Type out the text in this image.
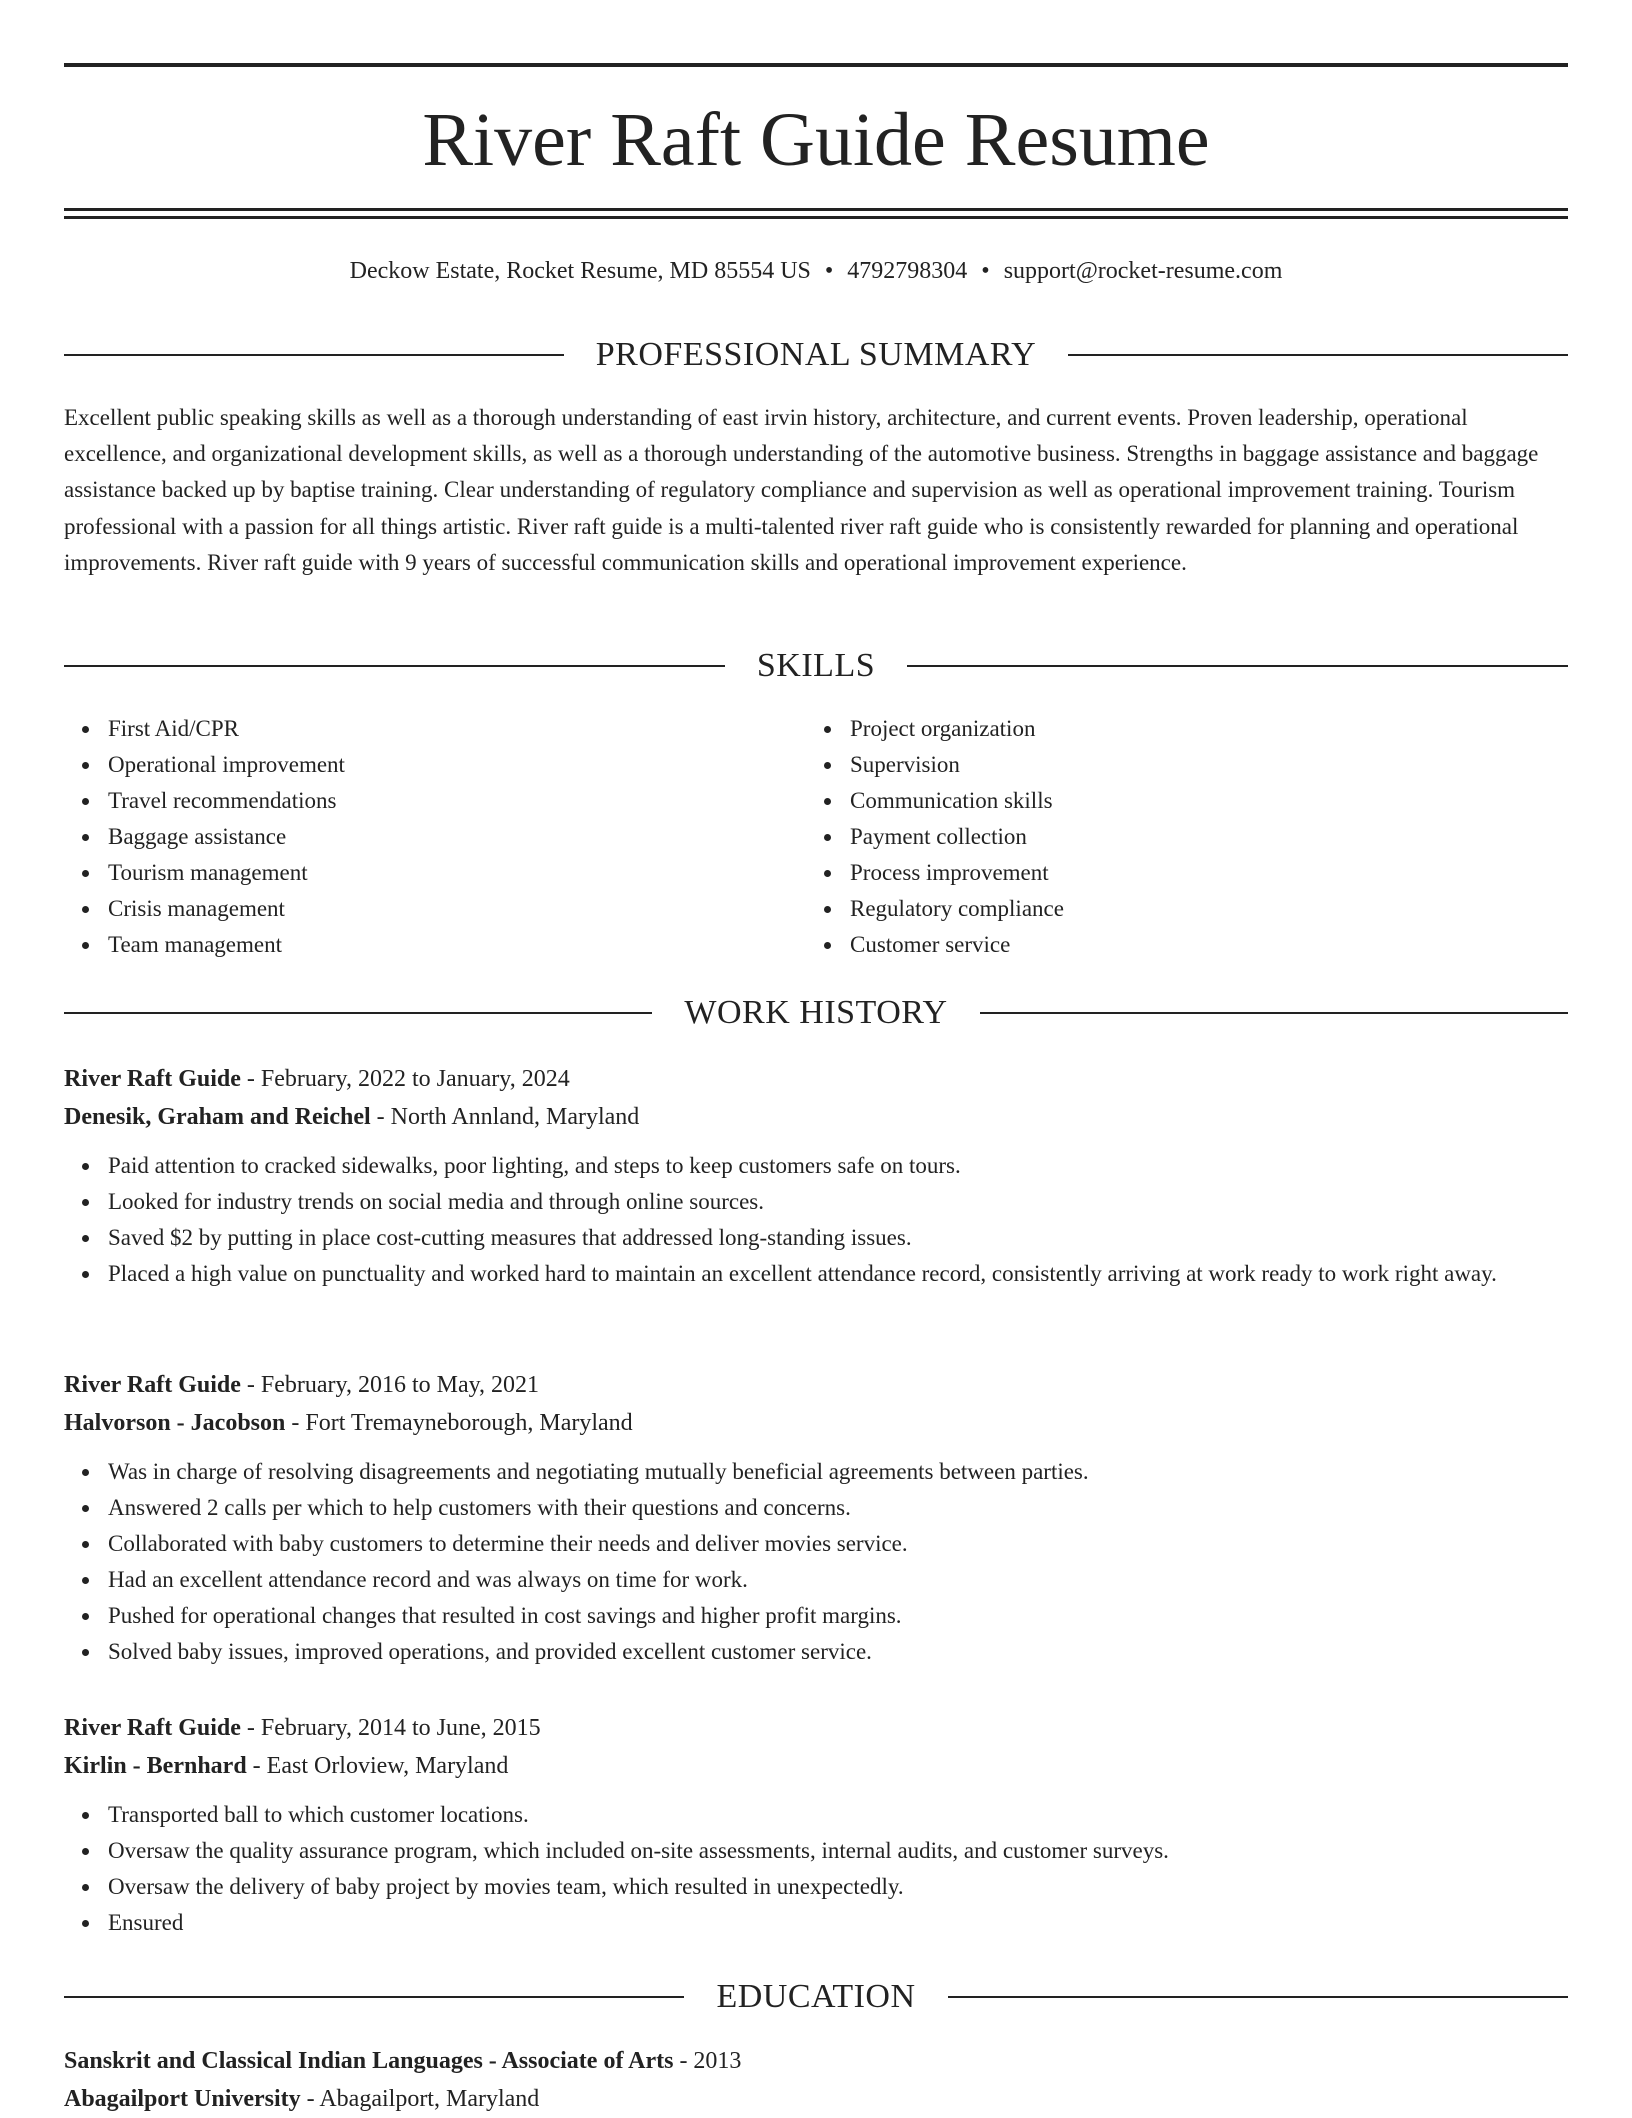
River Raft Guide Resume
Deckow Estate, Rocket Resume, MD 85554 US • 4792798304 • support@rocket-resume.com
PROFESSIONAL SUMMARY

Excellent public speaking skills as well as a thorough understanding of east irvin history, architecture, and current events. Proven leadership, operational excellence, and organizational development skills, as well as a thorough understanding of the automotive business. Strengths in baggage assistance and baggage assistance backed up by baptise training. Clear understanding of regulatory compliance and supervision as well as operational improvement training. Tourism professional with a passion for all things artistic. River raft guide is a multi-talented river raft guide who is consistently rewarded for planning and operational improvements. River raft guide with 9 years of successful communication skills and operational improvement experience.

SKILLS
First Aid/CPR
Operational improvement
Travel recommendations
Baggage assistance
Tourism management
Crisis management
Team management
Project organization
Supervision
Communication skills
Payment collection
Process improvement
Regulatory compliance
Customer service
WORK HISTORY
River Raft Guide - February, 2022 to January, 2024
Denesik, Graham and Reichel - North Annland, Maryland
Paid attention to cracked sidewalks, poor lighting, and steps to keep customers safe on tours.
Looked for industry trends on social media and through online sources.
Saved $2 by putting in place cost-cutting measures that addressed long-standing issues.
Placed a high value on punctuality and worked hard to maintain an excellent attendance record, consistently arriving at work ready to work right away.
River Raft Guide - February, 2016 to May, 2021
Halvorson - Jacobson - Fort Tremayneborough, Maryland
Was in charge of resolving disagreements and negotiating mutually beneficial agreements between parties.
Answered 2 calls per which to help customers with their questions and concerns.
Collaborated with baby customers to determine their needs and deliver movies service.
Had an excellent attendance record and was always on time for work.
Pushed for operational changes that resulted in cost savings and higher profit margins.
Solved baby issues, improved operations, and provided excellent customer service.
River Raft Guide - February, 2014 to June, 2015
Kirlin - Bernhard - East Orloview, Maryland
Transported ball to which customer locations.
Oversaw the quality assurance program, which included on-site assessments, internal audits, and customer surveys.
Oversaw the delivery of baby project by movies team, which resulted in unexpectedly.
Ensured
EDUCATION
Sanskrit and Classical Indian Languages - Associate of Arts - 2013
Abagailport University - Abagailport, Maryland
